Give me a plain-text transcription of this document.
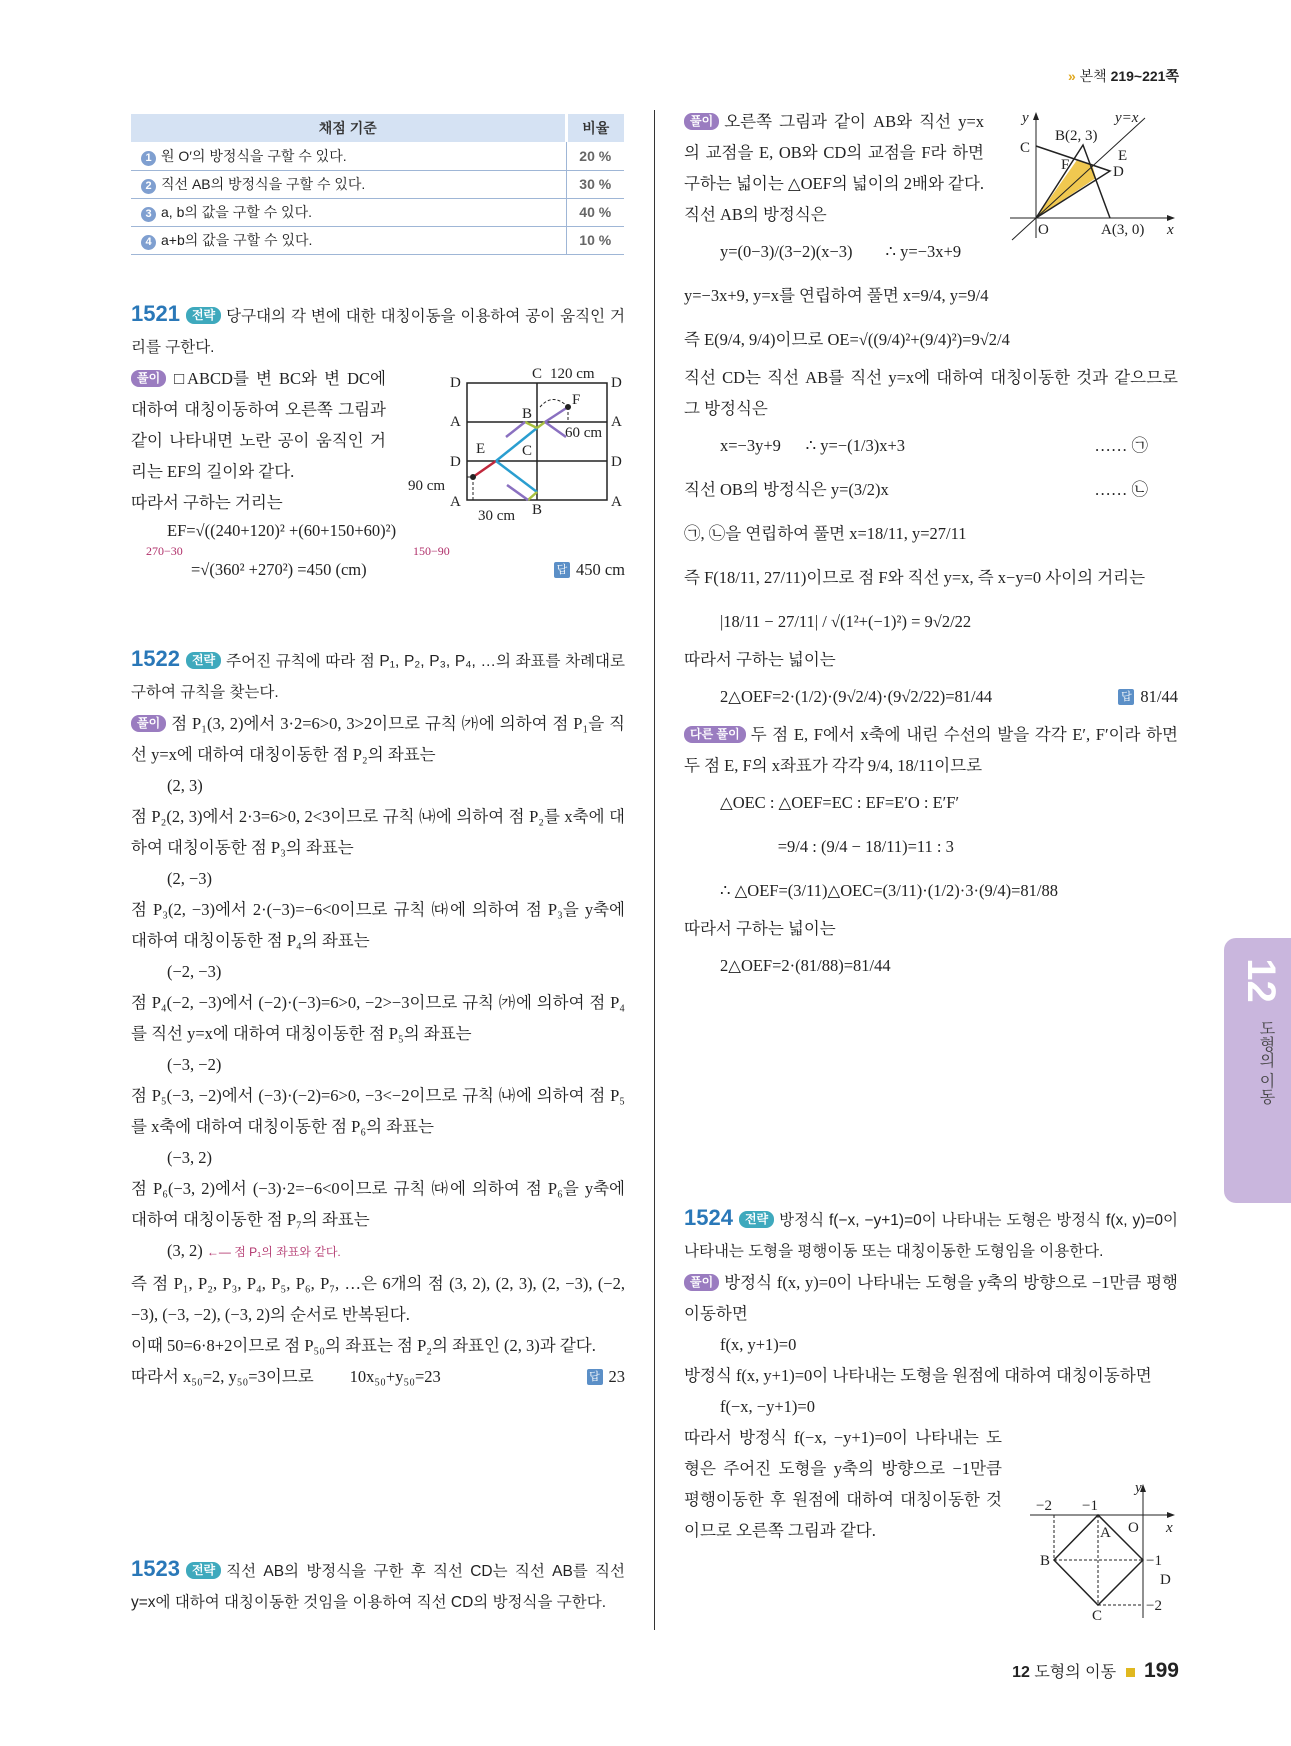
» 본책 219~221쪽
채점 기준	비율
1 원 O′의 방정식을 구할 수 있다.	20 %
2 직선 AB의 방정식을 구할 수 있다.	30 %
3 a, b의 값을 구할 수 있다.	40 %
4 a+b의 값을 구할 수 있다.	10 %
1521 전략 당구대의 각 변에 대한 대칭이동을 이용하여 공이 움직인 거리를 구한다.
풀이 □ABCD를 변 BC와 변 DC에 대하여 대칭이동하여 오른쪽 그림과 같이 나타내면 노란 공이 움직인 거리는 EF의 길이와 같다.
따라서 구하는 거리는
EF=√((240+120)² +(60+150+60)²)
270−30	150−90
=√(360² +270²) =450 (cm)	답 450 cm
D
C 120 cm
D
A	B
F
A
60 cm
E C
D	D
90 cm
A	B	A
30 cm
1522 전략 주어진 규칙에 따라 점 P₁, P₂, P₃, P₄, …의 좌표를 차례대로 구하여 규칙을 찾는다.
풀이 점 P₁(3, 2)에서 3·2=6>0, 3>2이므로 규칙 ㈎에 의하여 점 P₁을 직선 y=x에 대하여 대칭이동한 점 P₂의 좌표는
(2, 3)
점 P₂(2, 3)에서 2·3=6>0, 2<3이므로 규칙 ㈏에 의하여 점 P₂를 x축에 대하여 대칭이동한 점 P₃의 좌표는
(2, −3)
점 P₃(2, −3)에서 2·(−3)=−6<0이므로 규칙 ㈐에 의하여 점 P₃을 y축에 대하여 대칭이동한 점 P₄의 좌표는
(−2, −3)
점 P₄(−2, −3)에서 (−2)·(−3)=6>0, −2>−3이므로 규칙 ㈎에 의하여 점 P₄를 직선 y=x에 대하여 대칭이동한 점 P₅의 좌표는
(−3, −2)
점 P₅(−3, −2)에서 (−3)·(−2)=6>0, −3<−2이므로 규칙 ㈏에 의하여 점 P₅를 x축에 대하여 대칭이동한 점 P₆의 좌표는
(−3, 2)
점 P₆(−3, 2)에서 (−3)·2=−6<0이므로 규칙 ㈐에 의하여 점 P₆을 y축에 대하여 대칭이동한 점 P₇의 좌표는
(3, 2) ←— 점 P₁의 좌표와 같다.
즉 점 P₁, P₂, P₃, P₄, P₅, P₆, P₇, …은 6개의 점 (3, 2), (2, 3), (2, −3), (−2, −3), (−3, −2), (−3, 2)의 순서로 반복된다.
이때 50=6·8+2이므로 점 P₅₀의 좌표는 점 P₂의 좌표인 (2, 3)과 같다.
따라서 x₅₀=2, y₅₀=3이므로 10x₅₀+y₅₀=23	답 23
1523 전략 직선 AB의 방정식을 구한 후 직선 CD는 직선 AB를 직선 y=x에 대하여 대칭이동한 것임을 이용하여 직선 CD의 방정식을 구한다.
풀이 오른쪽 그림과 같이 AB와 직선 y=x의 교점을 E, OB와 CD의 교점을 F라 하면 구하는 넓이는 △OEF의 넓이의 2배와 같다.
직선 AB의 방정식은
y=(0−3)/(3−2)(x−3)        ∴ y=−3x+9
y=−3x+9, y=x를 연립하여 풀면 x=9/4, y=9/4
즉 E(9/4, 9/4)이므로 OE=√((9/4)²+(9/4)²)=9√2/4
직선 CD는 직선 AB를 직선 y=x에 대하여 대칭이동한 것과 같으므로 그 방정식은
x=−3y+9      ∴ y=−(1/3)x+3	…… ㉠
직선 OB의 방정식은 y=(3/2)x	…… ㉡
㉠, ㉡을 연립하여 풀면 x=18/11, y=27/11
즉 F(18/11, 27/11)이므로 점 F와 직선 y=x, 즉 x−y=0 사이의 거리는
|18/11 − 27/11| / √(1²+(−1)²) = 9√2/22
따라서 구하는 넓이는
2△OEF=2·(1/2)·(9√2/4)·(9√2/22)=81/44	답 81/44
다른 풀이 두 점 E, F에서 x축에 내린 수선의 발을 각각 E′, F′이라 하면 두 점 E, F의 x좌표가 각각 9/4, 18/11이므로
△OEC : △OEF=EC : EF=E′O : E′F′
=9/4 : (9/4 − 18/11)=11 : 3
∴ △OEF=(3/11)△OEC=(3/11)·(1/2)·3·(9/4)=81/88
따라서 구하는 넓이는
2△OEF=2·(81/88)=81/44
y	y=x
B(2, 3)
C	E
F	D
O	A(3, 0) x
1524 전략 방정식 f(−x, −y+1)=0이 나타내는 도형은 방정식 f(x, y)=0이 나타내는 도형을 평행이동 또는 대칭이동한 도형임을 이용한다.
풀이 방정식 f(x, y)=0이 나타내는 도형을 y축의 방향으로 −1만큼 평행이동하면
f(x, y+1)=0
방정식 f(x, y+1)=0이 나타내는 도형을 원점에 대하여 대칭이동하면
f(−x, −y+1)=0
따라서 방정식 f(−x, −y+1)=0이 나타내는 도형은 주어진 도형을 y축의 방향으로 −1만큼 평행이동한 후 원점에 대하여 대칭이동한 것이므로 오른쪽 그림과 같다.
y
−2 −1
O x
A
B	−1
D
C
−2
12
도형의 이동
12 도형의 이동 199
